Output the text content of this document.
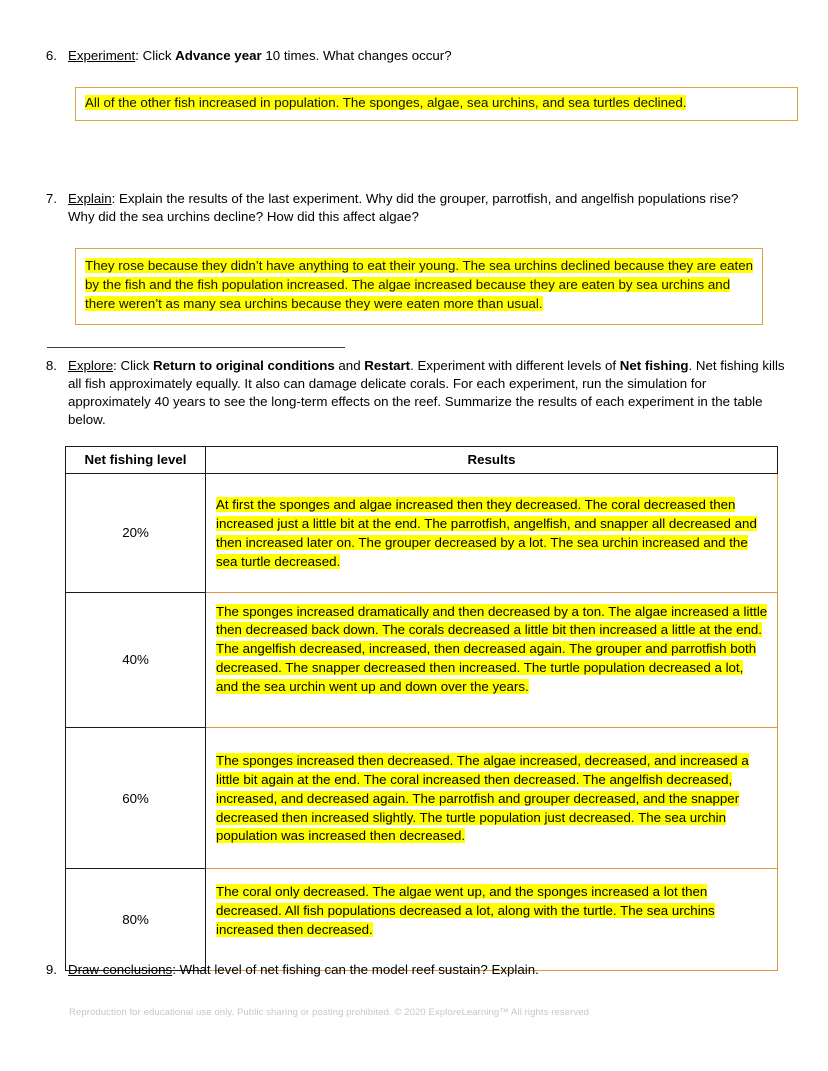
6. Experiment: Click Advance year 10 times. What changes occur?
All of the other fish increased in population. The sponges, algae, sea urchins, and sea turtles declined.
7. Explain: Explain the results of the last experiment. Why did the grouper, parrotfish, and angelfish populations rise? Why did the sea urchins decline? How did this affect algae?
They rose because they didn’t have anything to eat their young. The sea urchins declined because they are eaten by the fish and the fish population increased. The algae increased because they are eaten by sea urchins and there weren’t as many sea urchins because they were eaten more than usual.
8. Explore: Click Return to original conditions and Restart. Experiment with different levels of Net fishing. Net fishing kills all fish approximately equally. It also can damage delicate corals. For each experiment, run the simulation for approximately 40 years to see the long-term effects on the reef. Summarize the results of each experiment in the table below.
Net fishing level	Results
20%	At first the sponges and algae increased then they decreased. The coral decreased then increased just a little bit at the end. The parrotfish, angelfish, and snapper all decreased and then increased later on. The grouper decreased by a lot. The sea urchin increased and the sea turtle decreased.
40%	The sponges increased dramatically and then decreased by a ton. The algae increased a little then decreased back down. The corals decreased a little bit then increased a little at the end. The angelfish decreased, increased, then decreased again. The grouper and parrotfish both decreased. The snapper decreased then increased. The turtle population decreased a lot, and the sea urchin went up and down over the years.
60%	The sponges increased then decreased. The algae increased, decreased, and increased a little bit again at the end. The coral increased then decreased. The angelfish decreased, increased, and decreased again. The parrotfish and grouper decreased, and the snapper decreased then increased slightly. The turtle population just decreased. The sea urchin population was increased then decreased.
80%	The coral only decreased. The algae went up, and the sponges increased a lot then decreased. All fish populations decreased a lot, along with the turtle. The sea urchins increased then decreased.
9. Draw conclusions: What level of net fishing can the model reef sustain? Explain.
Reproduction for educational use only. Public sharing or posting prohibited. © 2020 ExploreLearning™ All rights reserved
